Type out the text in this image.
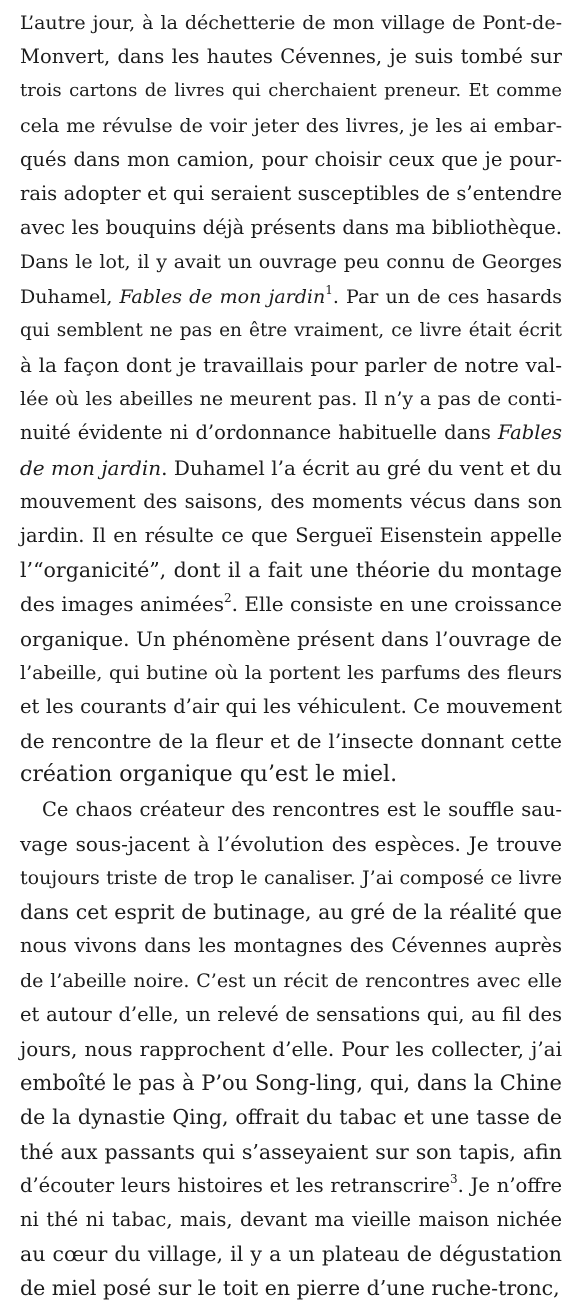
L’autre jour, à la déchetterie de mon village de Pont-de-
Monvert, dans les hautes Cévennes, je suis tombé sur
trois cartons de livres qui cherchaient preneur. Et comme
cela me révulse de voir jeter des livres, je les ai embar-
qués dans mon camion, pour choisir ceux que je pour-
rais adopter et qui seraient susceptibles de s’entendre
avec les bouquins déjà présents dans ma bibliothèque.
Dans le lot, il y avait un ouvrage peu connu de Georges
Duhamel, Fables de mon jardin$^1$. Par un de ces hasards
qui semblent ne pas en être vraiment, ce livre était écrit
à la façon dont je travaillais pour parler de notre val-
lée où les abeilles ne meurent pas. Il n’y a pas de conti-
nuité évidente ni d’ordonnance habituelle dans Fables
de mon jardin. Duhamel l’a écrit au gré du vent et du
mouvement des saisons, des moments vécus dans son
jardin. Il en résulte ce que Sergueï Eisenstein appelle
l’“organicité”, dont il a fait une théorie du montage
des images animées$^2$. Elle consiste en une croissance
organique. Un phénomène présent dans l’ouvrage de
l’abeille, qui butine où la portent les parfums des fleurs
et les courants d’air qui les véhiculent. Ce mouvement
de rencontre de la fleur et de l’insecte donnant cette
création organique qu’est le miel.
Ce chaos créateur des rencontres est le souffle sau-
vage sous-jacent à l’évolution des espèces. Je trouve
toujours triste de trop le canaliser. J’ai composé ce livre
dans cet esprit de butinage, au gré de la réalité que
nous vivons dans les montagnes des Cévennes auprès
de l’abeille noire. C’est un récit de rencontres avec elle
et autour d’elle, un relevé de sensations qui, au fil des
jours, nous rapprochent d’elle. Pour les collecter, j’ai
emboîté le pas à P’ou Song-ling, qui, dans la Chine
de la dynastie Qing, offrait du tabac et une tasse de
thé aux passants qui s’asseyaient sur son tapis, afin
d’écouter leurs histoires et les retranscrire$^3$. Je n’offre
ni thé ni tabac, mais, devant ma vieille maison nichée
au cœur du village, il y a un plateau de dégustation
de miel posé sur le toit en pierre d’une ruche-tronc,
